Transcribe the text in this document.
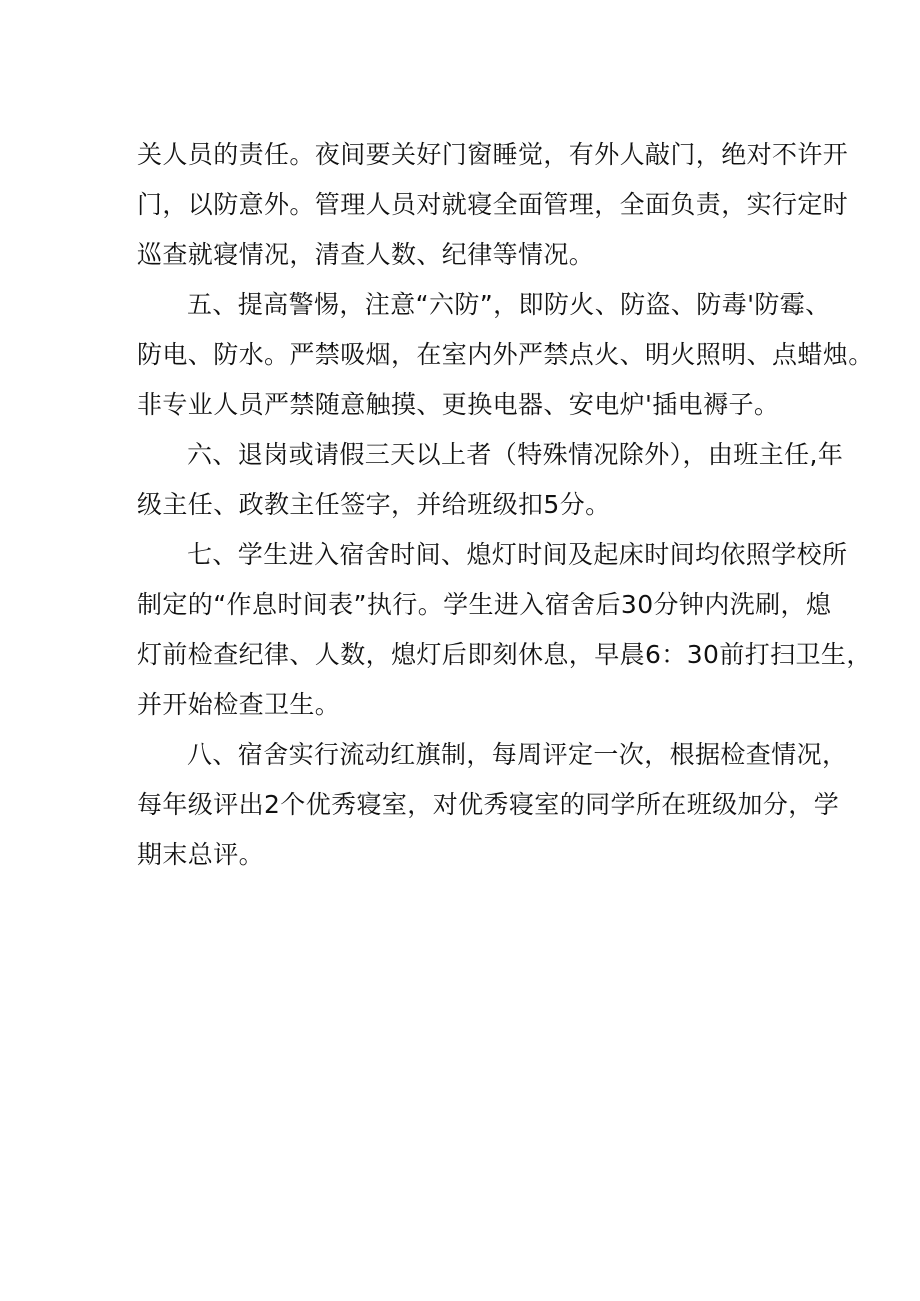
关人员的责任。夜间要关好门窗睡觉，有外人敲门，绝对不许开
门，以防意外。管理人员对就寝全面管理，全面负责，实行定时
巡查就寝情况，清查人数、纪律等情况。
五、提高警惕，注意“六防”，即防火、防盗、防毒'防霉、
防电、防水。严禁吸烟，在室内外严禁点火、明火照明、点蜡烛。
非专业人员严禁随意触摸、更换电器、安电炉'插电褥子。
六、退岗或请假三天以上者（特殊情况除外），由班主任,年
级主任、政教主任签字，并给班级扣5分。
七、学生进入宿舍时间、熄灯时间及起床时间均依照学校所
制定的“作息时间表”执行。学生进入宿舍后30分钟内洗刷，熄
灯前检查纪律、人数，熄灯后即刻休息，早晨6：30前打扫卫生，
并开始检查卫生。
八、宿舍实行流动红旗制，每周评定一次，根据检查情况，
每年级评出2个优秀寝室，对优秀寝室的同学所在班级加分，学
期末总评。
